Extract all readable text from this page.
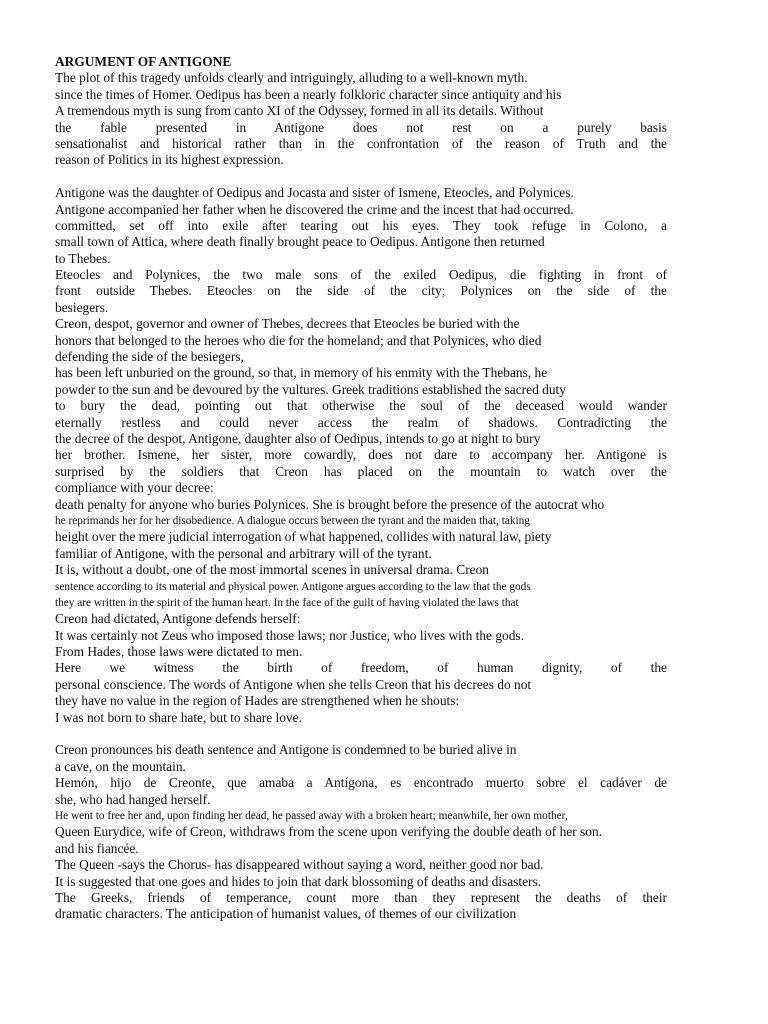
ARGUMENT OF ANTIGONE
The plot of this tragedy unfolds clearly and intriguingly, alluding to a well-known myth.
since the times of Homer. Oedipus has been a nearly folkloric character since antiquity and his
A tremendous myth is sung from canto XI of the Odyssey, formed in all its details. Without
the fable presented in Antigone does not rest on a purely basis
sensationalist and historical rather than in the confrontation of the reason of Truth and the
reason of Politics in its highest expression.
Antigone was the daughter of Oedipus and Jocasta and sister of Ismene, Eteocles, and Polynices.
Antigone accompanied her father when he discovered the crime and the incest that had occurred.
committed, set off into exile after tearing out his eyes. They took refuge in Colono, a
small town of Attica, where death finally brought peace to Oedipus. Antigone then returned
to Thebes.
Eteocles and Polynices, the two male sons of the exiled Oedipus, die fighting in front of
front outside Thebes. Eteocles on the side of the city; Polynices on the side of the
besiegers.
Creon, despot, governor and owner of Thebes, decrees that Eteocles be buried with the
honors that belonged to the heroes who die for the homeland; and that Polynices, who died
defending the side of the besiegers,
has been left unburied on the ground, so that, in memory of his enmity with the Thebans, he
powder to the sun and be devoured by the vultures. Greek traditions established the sacred duty
to bury the dead, pointing out that otherwise the soul of the deceased would wander
eternally restless and could never access the realm of shadows. Contradicting the
the decree of the despot, Antigone, daughter also of Oedipus, intends to go at night to bury
her brother. Ismene, her sister, more cowardly, does not dare to accompany her. Antigone is
surprised by the soldiers that Creon has placed on the mountain to watch over the
compliance with your decree:
death penalty for anyone who buries Polynices. She is brought before the presence of the autocrat who
he reprimands her for her disobedience. A dialogue occurs between the tyrant and the maiden that, taking
height over the mere judicial interrogation of what happened, collides with natural law, piety
familiar of Antigone, with the personal and arbitrary will of the tyrant.
It is, without a doubt, one of the most immortal scenes in universal drama. Creon
sentence according to its material and physical power. Antigone argues according to the law that the gods
they are written in the spirit of the human heart. In the face of the guilt of having violated the laws that
Creon had dictated, Antigone defends herself:
It was certainly not Zeus who imposed those laws; nor Justice, who lives with the gods.
From Hades, those laws were dictated to men.
Here we witness the birth of freedom, of human dignity, of the
personal conscience. The words of Antigone when she tells Creon that his decrees do not
they have no value in the region of Hades are strengthened when he shouts:
I was not born to share hate, but to share love.
Creon pronounces his death sentence and Antigone is condemned to be buried alive in
a cave, on the mountain.
Hemón, hijo de Creonte, que amaba a Antígona, es encontrado muerto sobre el cadáver de
she, who had hanged herself.
He went to free her and, upon finding her dead, he passed away with a broken heart; meanwhile, her own mother,
Queen Eurydice, wife of Creon, withdraws from the scene upon verifying the double death of her son.
and his fiancée.
The Queen -says the Chorus- has disappeared without saying a word, neither good nor bad.
It is suggested that one goes and hides to join that dark blossoming of deaths and disasters.
The Greeks, friends of temperance, count more than they represent the deaths of their
dramatic characters. The anticipation of humanist values, of themes of our civilization
